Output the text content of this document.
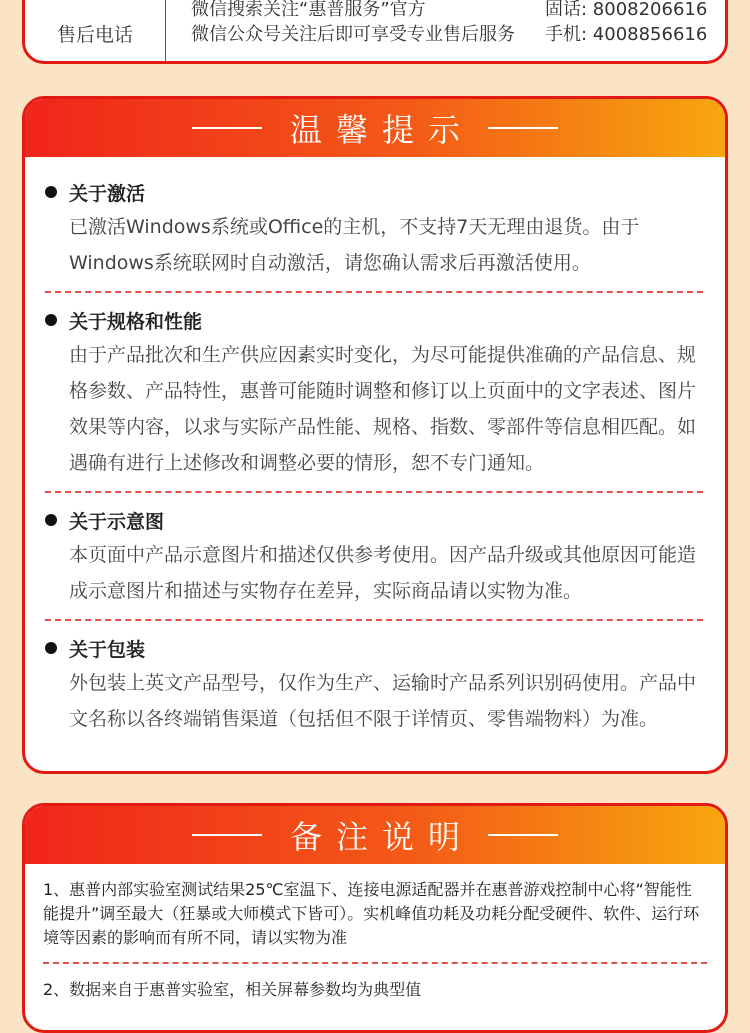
售后电话
微信搜索关注“惠普服务”官方	固话: 8008206616
微信公众号关注后即可享受专业售后服务 手机: 4008856616
温馨提示
关于激活
已激活Windows系统或Office的主机，不支持7天无理由退货。由于Windows系统联网时自动激活，请您确认需求后再激活使用。
关于规格和性能
由于产品批次和生产供应因素实时变化，为尽可能提供准确的产品信息、规格参数、产品特性，惠普可能随时调整和修订以上页面中的文字表述、图片效果等内容，以求与实际产品性能、规格、指数、零部件等信息相匹配。如遇确有进行上述修改和调整必要的情形，恕不专门通知。
关于示意图
本页面中产品示意图片和描述仅供参考使用。因产品升级或其他原因可能造成示意图片和描述与实物存在差异，实际商品请以实物为准。
关于包装
外包装上英文产品型号，仅作为生产、运输时产品系列识别码使用。产品中文名称以各终端销售渠道（包括但不限于详情页、零售端物料）为准。
备注说明
1、惠普内部实验室测试结果25℃室温下、连接电源适配器并在惠普游戏控制中心将“智能性能提升”调至最大（狂暴或大师模式下皆可）。实机峰值功耗及功耗分配受硬件、软件、运行环境等因素的影响而有所不同，请以实物为准
2、数据来自于惠普实验室，相关屏幕参数均为典型值
